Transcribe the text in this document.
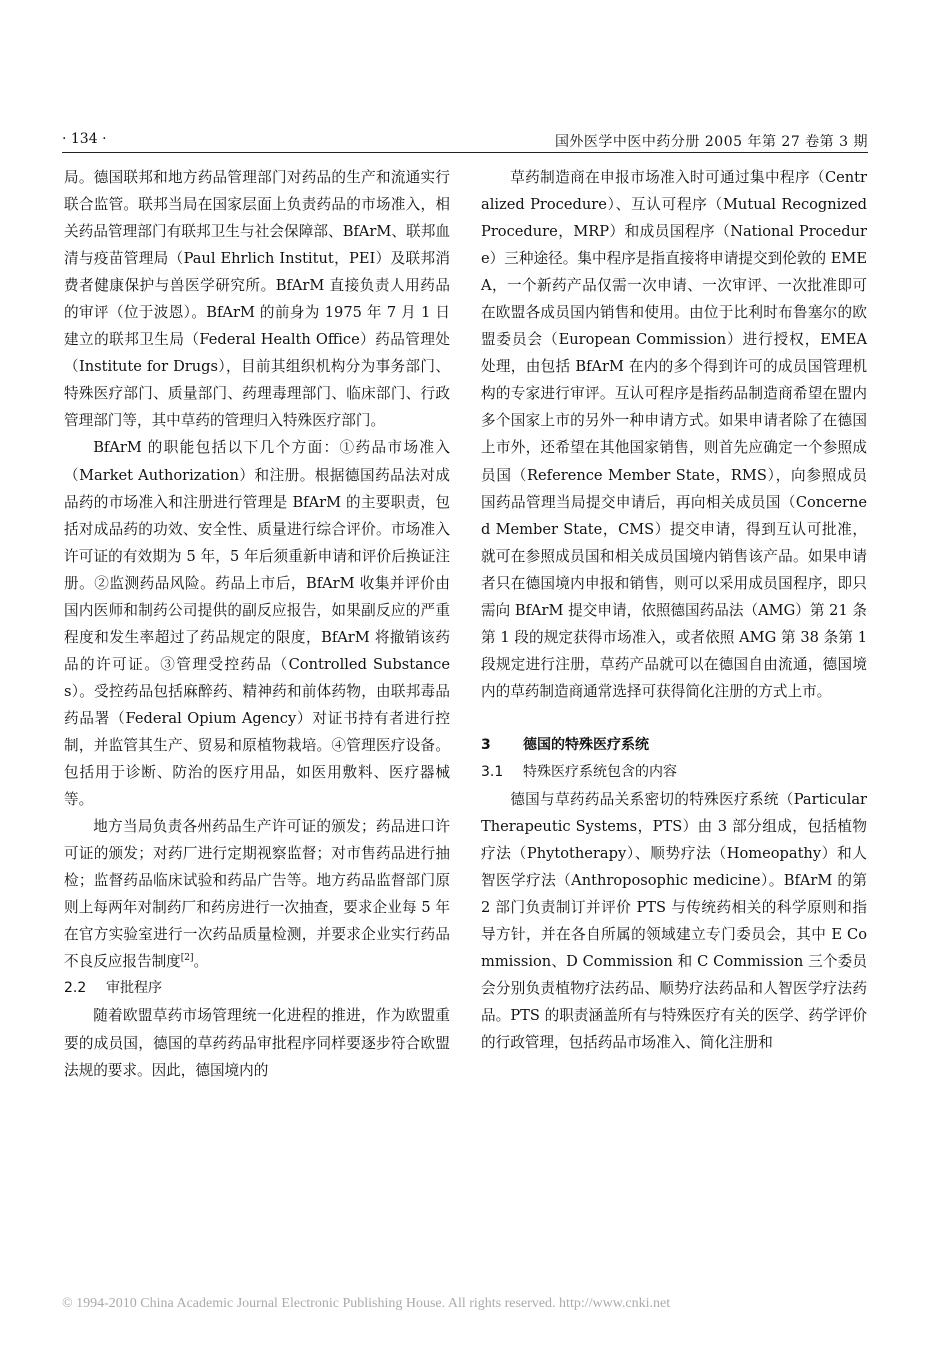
· 134 ·	国外医学中医中药分册 2005 年第 27 卷第 3 期

局。德国联邦和地方药品管理部门对药品的生产和流通实行联合监管。联邦当局在国家层面上负责药品的市场准入，相关药品管理部门有联邦卫生与社会保障部、BfArM、联邦血清与疫苗管理局（Paul Ehrlich Institut，PEI）及联邦消费者健康保护与兽医学研究所。BfArM 直接负责人用药品的审评（位于波恩）。BfArM 的前身为 1975 年 7 月 1 日建立的联邦卫生局（Federal Health Office）药品管理处（Institute for Drugs），目前其组织机构分为事务部门、特殊医疗部门、质量部门、药理毒理部门、临床部门、行政管理部门等，其中草药的管理归入特殊医疗部门。

BfArM 的职能包括以下几个方面：①药品市场准入（Market Authorization）和注册。根据德国药品法对成品药的市场准入和注册进行管理是 BfArM 的主要职责，包括对成品药的功效、安全性、质量进行综合评价。市场准入许可证的有效期为 5 年，5 年后须重新申请和评价后换证注册。②监测药品风险。药品上市后，BfArM 收集并评价由国内医师和制药公司提供的副反应报告，如果副反应的严重程度和发生率超过了药品规定的限度，BfArM 将撤销该药品的许可证。③管理受控药品（Controlled Substances）。受控药品包括麻醉药、精神药和前体药物，由联邦毒品药品署（Federal Opium Agency）对证书持有者进行控制，并监管其生产、贸易和原植物栽培。④管理医疗设备。包括用于诊断、防治的医疗用品，如医用敷料、医疗器械等。

地方当局负责各州药品生产许可证的颁发；药品进口许可证的颁发；对药厂进行定期视察监督；对市售药品进行抽检；监督药品临床试验和药品广告等。地方药品监督部门原则上每两年对制药厂和药房进行一次抽查，要求企业每 5 年在官方实验室进行一次药品质量检测，并要求企业实行药品不良反应报告制度[2]。

2.2 审批程序

随着欧盟草药市场管理统一化进程的推进，作为欧盟重要的成员国，德国的草药药品审批程序同样要逐步符合欧盟法规的要求。因此，德国境内的

草药制造商在申报市场准入时可通过集中程序（Centralized Procedure）、互认可程序（Mutual Recognized Procedure，MRP）和成员国程序（National Procedure）三种途径。集中程序是指直接将申请提交到伦敦的 EMEA，一个新药产品仅需一次申请、一次审评、一次批准即可在欧盟各成员国内销售和使用。由位于比利时布鲁塞尔的欧盟委员会（European Commission）进行授权，EMEA 处理，由包括 BfArM 在内的多个得到许可的成员国管理机构的专家进行审评。互认可程序是指药品制造商希望在盟内多个国家上市的另外一种申请方式。如果申请者除了在德国上市外，还希望在其他国家销售，则首先应确定一个参照成员国（Reference Member State，RMS），向参照成员国药品管理当局提交申请后，再向相关成员国（Concerned Member State，CMS）提交申请，得到互认可批准，就可在参照成员国和相关成员国境内销售该产品。如果申请者只在德国境内申报和销售，则可以采用成员国程序，即只需向 BfArM 提交申请，依照德国药品法（AMG）第 21 条第 1 段的规定获得市场准入，或者依照 AMG 第 38 条第 1 段规定进行注册，草药产品就可以在德国自由流通，德国境内的草药制造商通常选择可获得简化注册的方式上市。

3 德国的特殊医疗系统

3.1 特殊医疗系统包含的内容

德国与草药药品关系密切的特殊医疗系统（Particular Therapeutic Systems，PTS）由 3 部分组成，包括植物疗法（Phytotherapy）、顺势疗法（Homeopathy）和人智医学疗法（Anthroposophic medicine）。BfArM 的第 2 部门负责制订并评价 PTS 与传统药相关的科学原则和指导方针，并在各自所属的领域建立专门委员会，其中 E Commission、D Commission 和 C Commission 三个委员会分别负责植物疗法药品、顺势疗法药品和人智医学疗法药品。PTS 的职责涵盖所有与特殊医疗有关的医学、药学评价的行政管理，包括药品市场准入、简化注册和

© 1994-2010 China Academic Journal Electronic Publishing House. All rights reserved. http://www.cnki.net
